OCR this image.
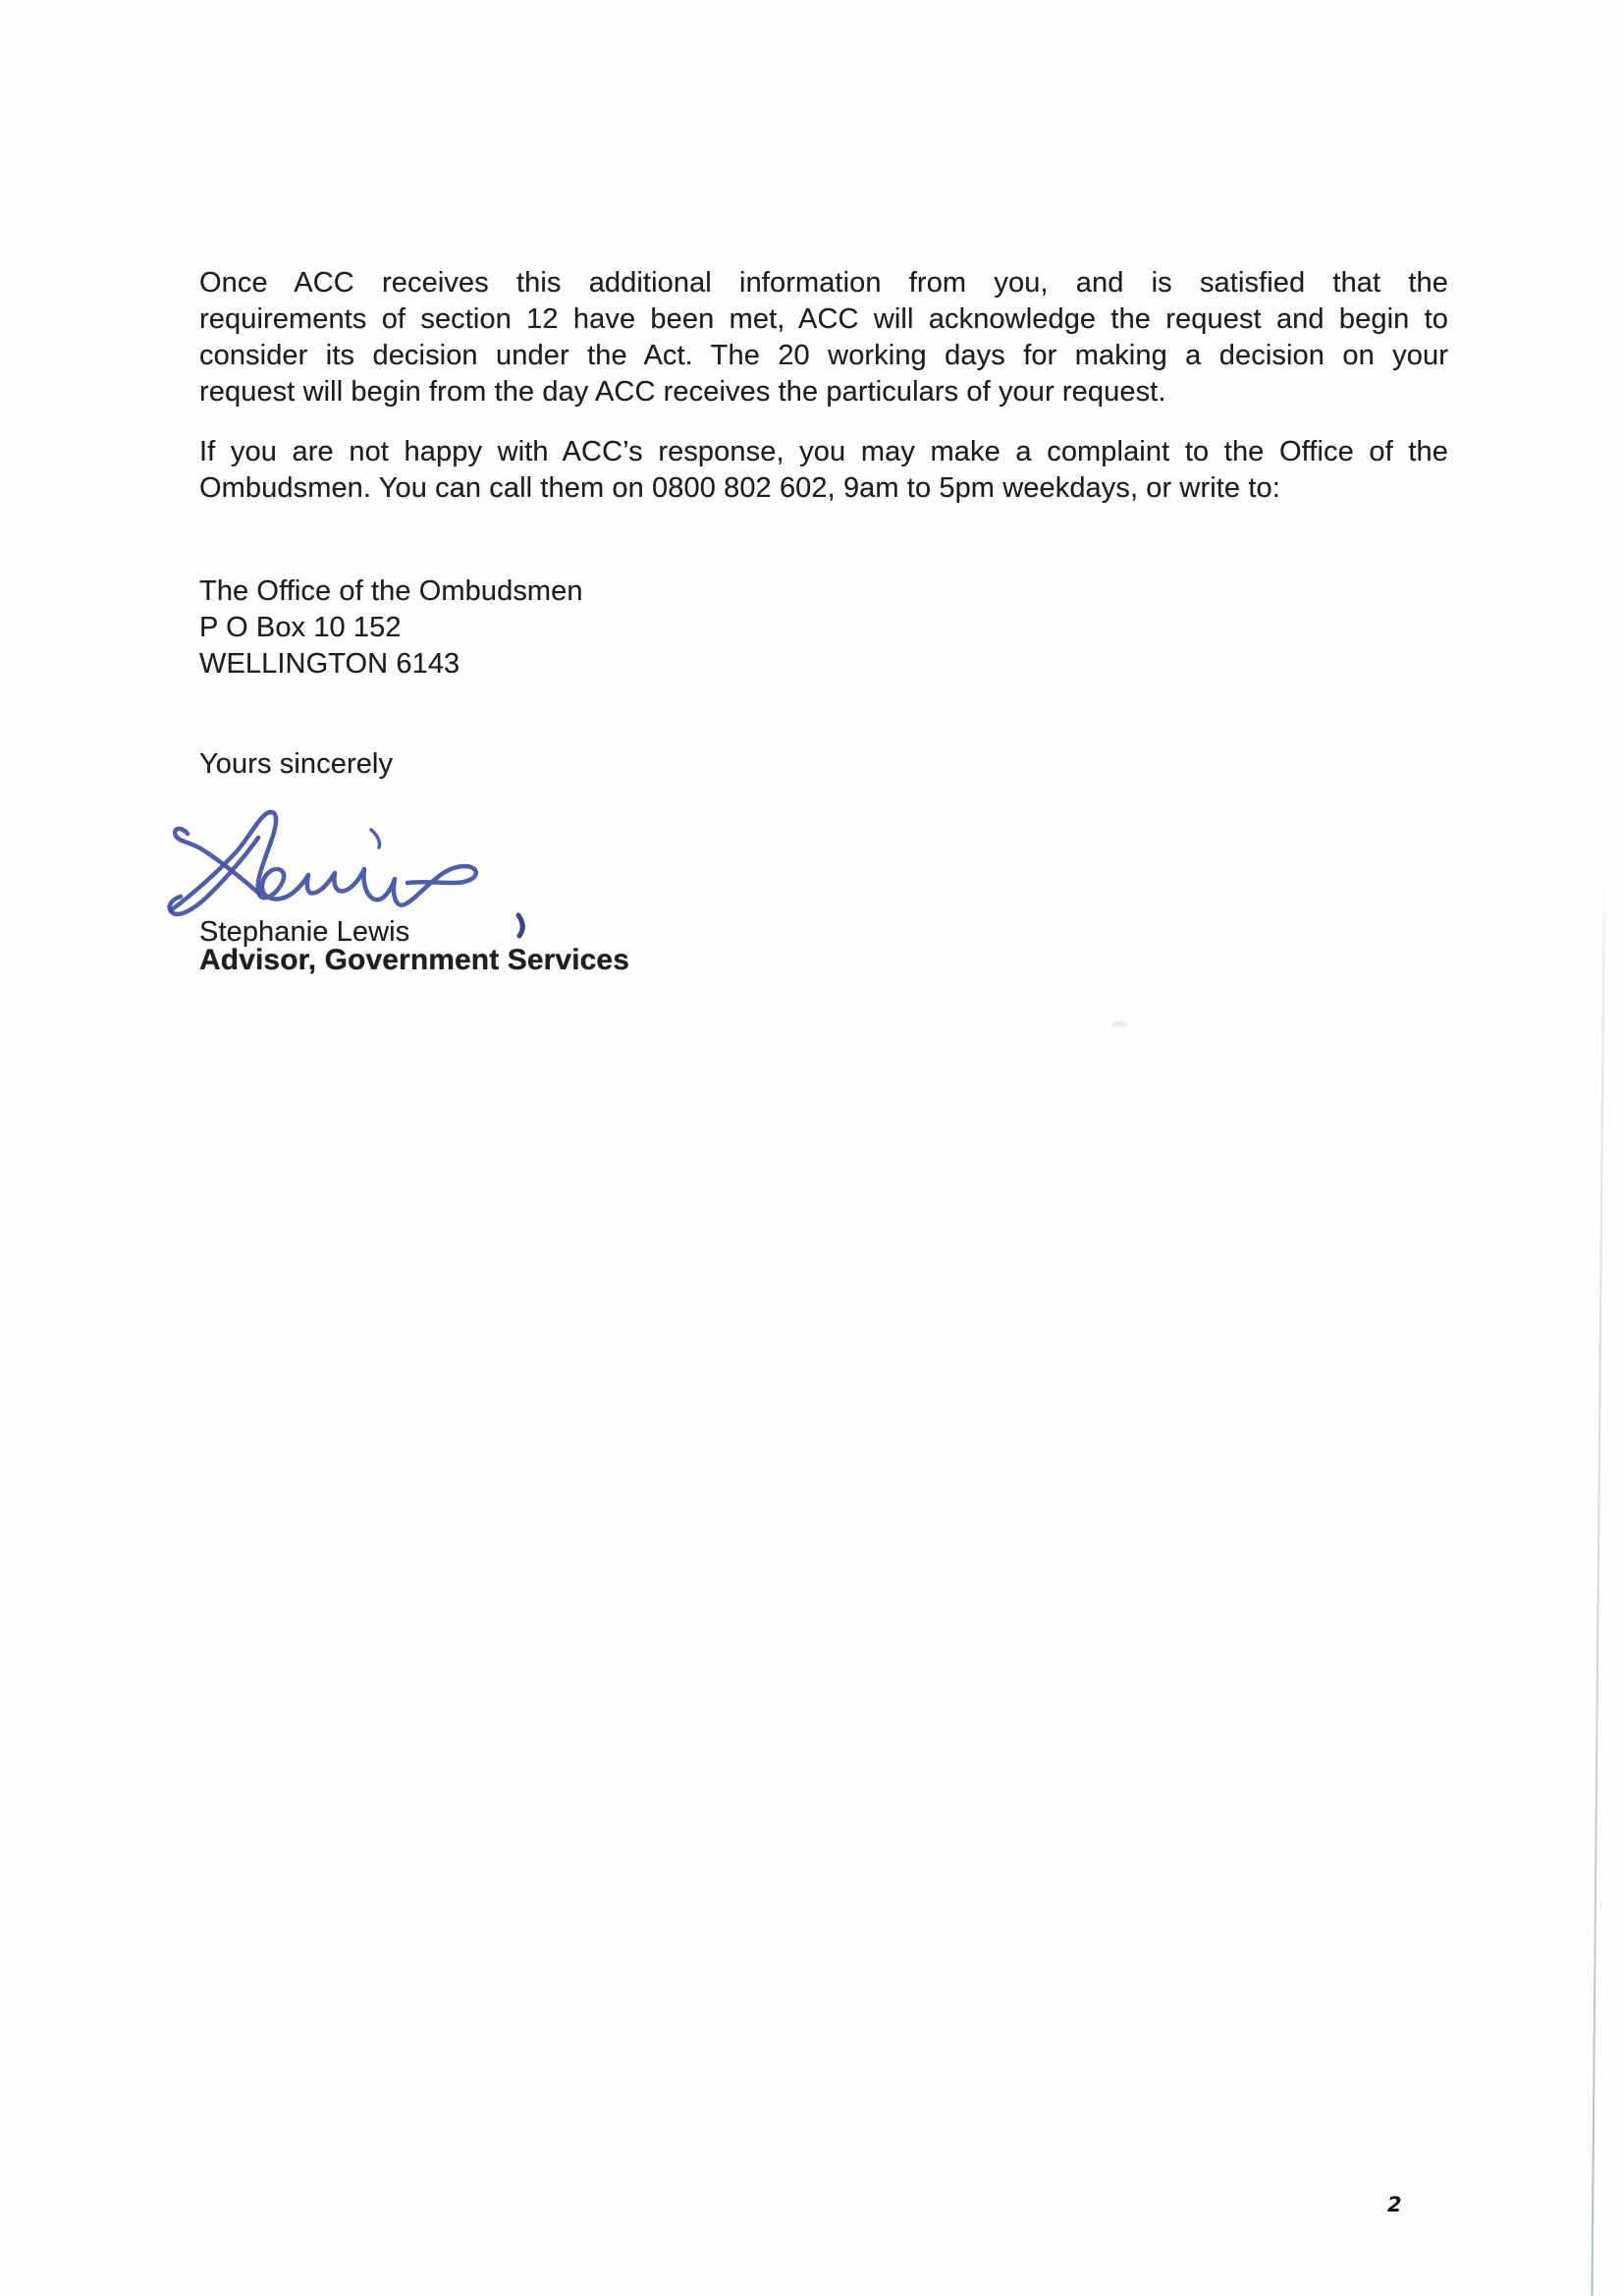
Once ACC receives this additional information from you, and is satisfied that the
requirements of section 12 have been met, ACC will acknowledge the request and begin to
consider its decision under the Act. The 20 working days for making a decision on your
request will begin from the day ACC receives the particulars of your request.
If you are not happy with ACC’s response, you may make a complaint to the Office of the
Ombudsmen. You can call them on 0800 802 602, 9am to 5pm weekdays, or write to:
The Office of the Ombudsmen
P O Box 10 152
WELLINGTON 6143
Yours sincerely
Stephanie Lewis
Advisor, Government Services
2
